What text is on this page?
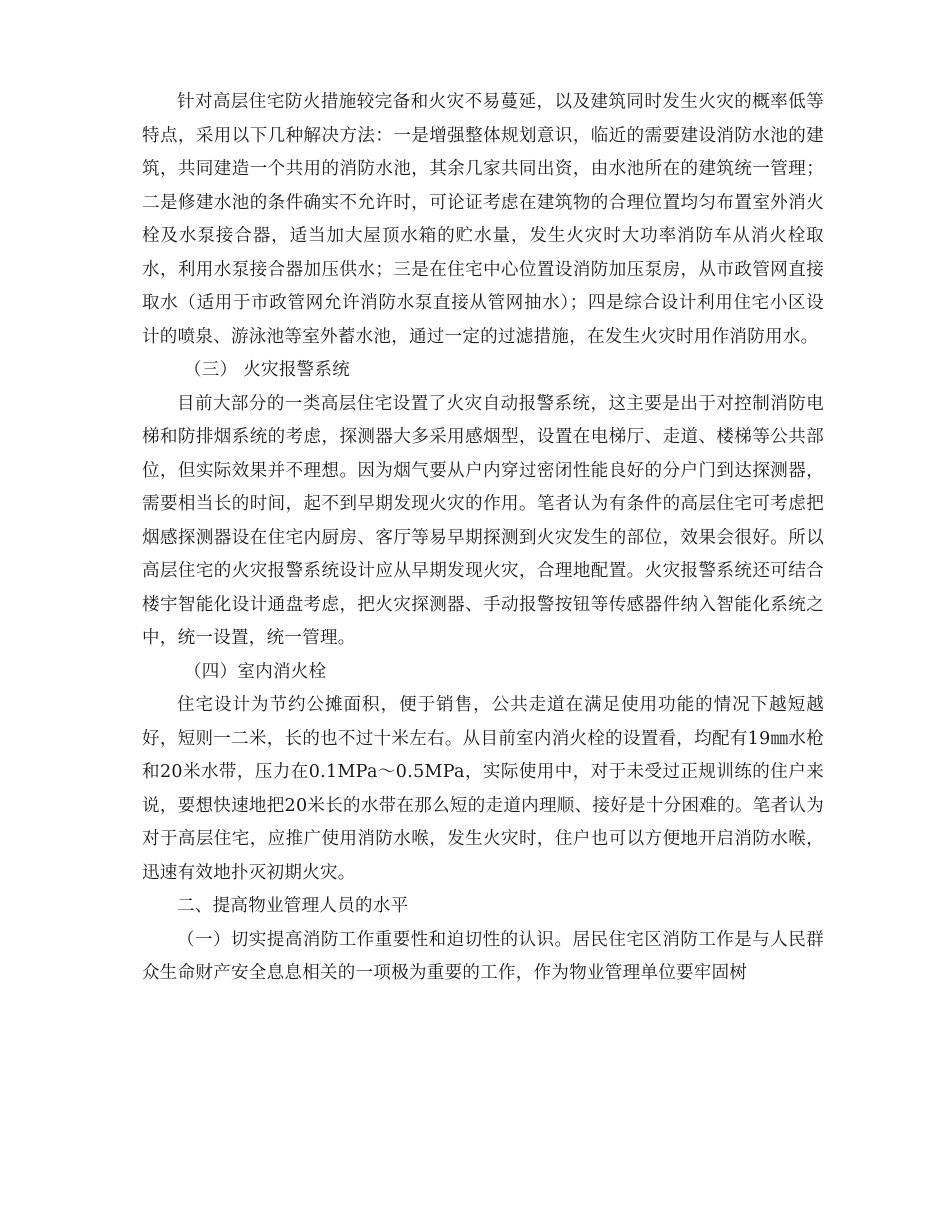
针对高层住宅防火措施较完备和火灾不易蔓延，以及建筑同时发生火灾的概率低等特点，采用以下几种解决方法：一是增强整体规划意识，临近的需要建设消防水池的建筑，共同建造一个共用的消防水池，其余几家共同出资，由水池所在的建筑统一管理；二是修建水池的条件确实不允许时，可论证考虑在建筑物的合理位置均匀布置室外消火栓及水泵接合器，适当加大屋顶水箱的贮水量，发生火灾时大功率消防车从消火栓取水，利用水泵接合器加压供水；三是在住宅中心位置设消防加压泵房，从市政管网直接取水（适用于市政管网允许消防水泵直接从管网抽水）；四是综合设计利用住宅小区设计的喷泉、游泳池等室外蓄水池，通过一定的过滤措施，在发生火灾时用作消防用水。

（三） 火灾报警系统

目前大部分的一类高层住宅设置了火灾自动报警系统，这主要是出于对控制消防电梯和防排烟系统的考虑，探测器大多采用感烟型，设置在电梯厅、走道、楼梯等公共部位，但实际效果并不理想。因为烟气要从户内穿过密闭性能良好的分户门到达探测器，需要相当长的时间，起不到早期发现火灾的作用。笔者认为有条件的高层住宅可考虑把烟感探测器设在住宅内厨房、客厅等易早期探测到火灾发生的部位，效果会很好。所以高层住宅的火灾报警系统设计应从早期发现火灾，合理地配置。火灾报警系统还可结合楼宇智能化设计通盘考虑，把火灾探测器、手动报警按钮等传感器件纳入智能化系统之中，统一设置，统一管理。

（四）室内消火栓

住宅设计为节约公摊面积，便于销售，公共走道在满足使用功能的情况下越短越好，短则一二米，长的也不过十米左右。从目前室内消火栓的设置看，均配有19㎜水枪和20米水带，压力在0.1MPa～0.5MPa，实际使用中，对于未受过正规训练的住户来说，要想快速地把20米长的水带在那么短的走道内理顺、接好是十分困难的。笔者认为对于高层住宅，应推广使用消防水喉，发生火灾时，住户也可以方便地开启消防水喉，迅速有效地扑灭初期火灾。

二、提高物业管理人员的水平

（一）切实提高消防工作重要性和迫切性的认识。居民住宅区消防工作是与人民群众生命财产安全息息相关的一项极为重要的工作，作为物业管理单位要牢固树
